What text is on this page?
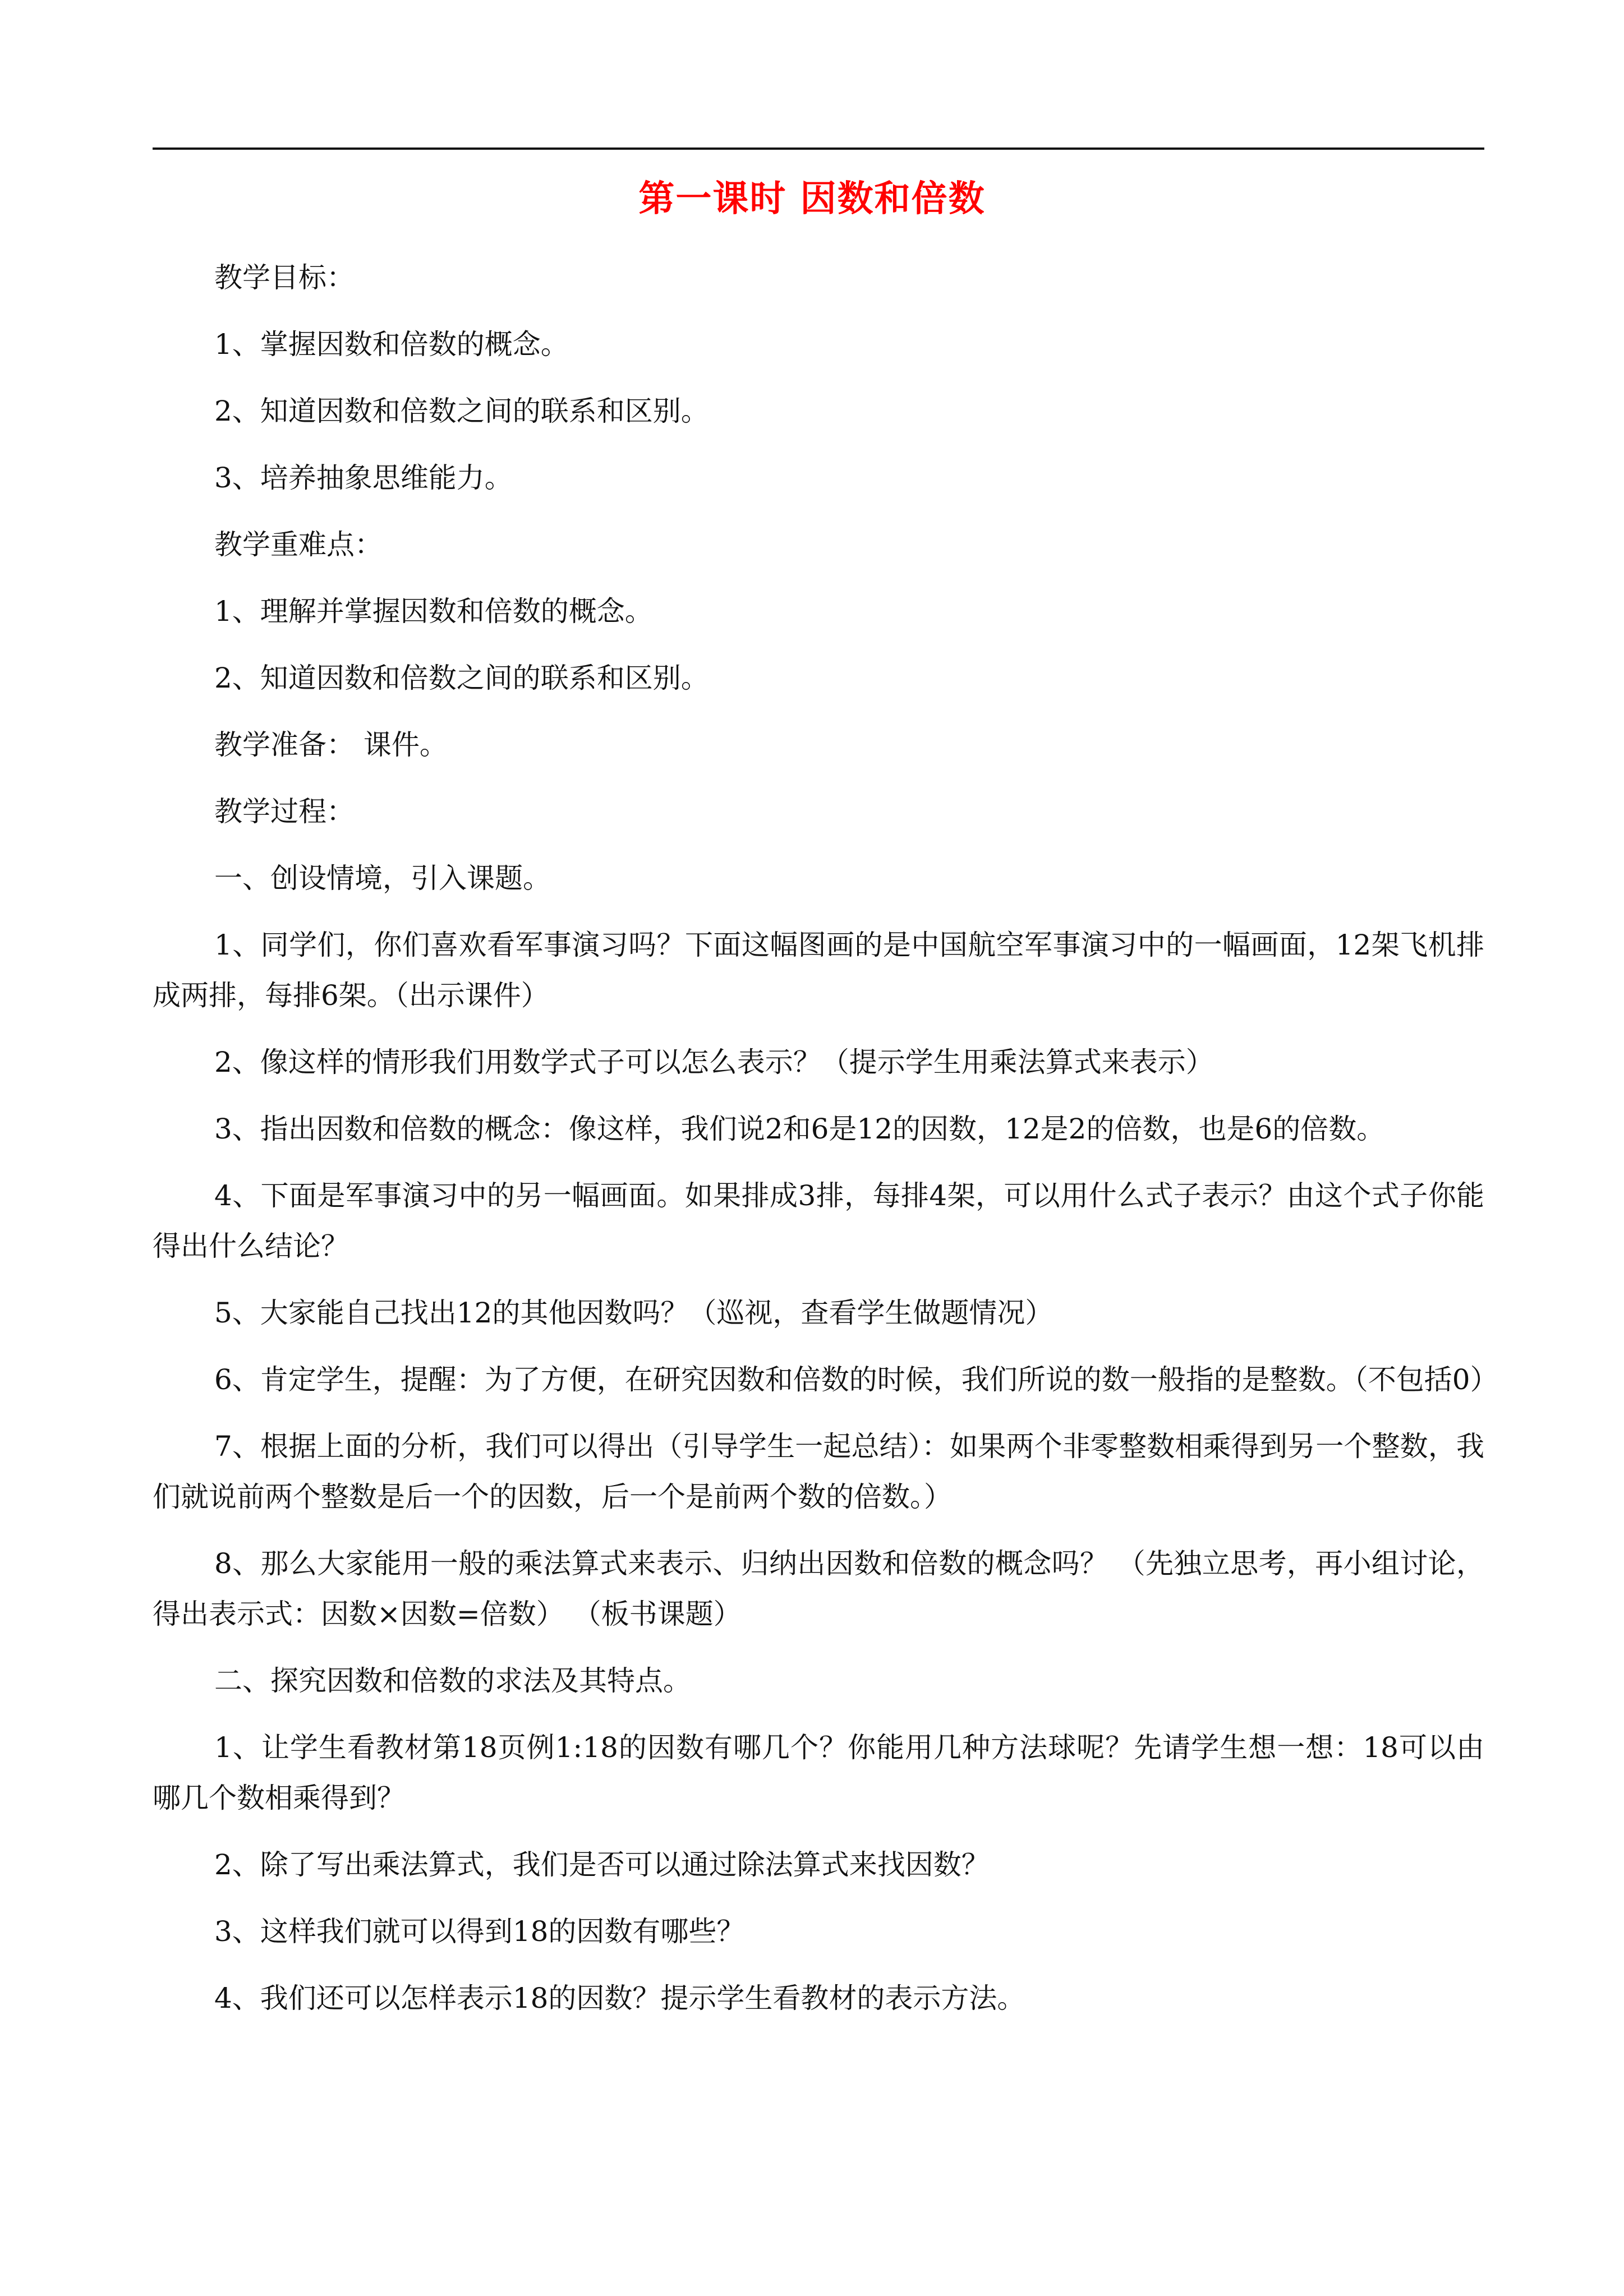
第一课时 因数和倍数

教学目标：

1、掌握因数和倍数的概念。

2、知道因数和倍数之间的联系和区别。

3、培养抽象思维能力。

教学重难点：

1、理解并掌握因数和倍数的概念。

2、知道因数和倍数之间的联系和区别。

教学准备： 课件。

教学过程：

一、创设情境，引入课题。

1、同学们，你们喜欢看军事演习吗？下面这幅图画的是中国航空军事演习中的一幅画面，12架飞机排成两排，每排6架。（出示课件）

2、像这样的情形我们用数学式子可以怎么表示？（提示学生用乘法算式来表示）

3、指出因数和倍数的概念：像这样，我们说2和6是12的因数，12是2的倍数，也是6的倍数。

4、下面是军事演习中的另一幅画面。如果排成3排，每排4架，可以用什么式子表示？由这个式子你能得出什么结论？

5、大家能自己找出12的其他因数吗？（巡视，查看学生做题情况）

6、肯定学生，提醒：为了方便，在研究因数和倍数的时候，我们所说的数一般指的是整数。（不包括0）

7、根据上面的分析，我们可以得出（引导学生一起总结）：如果两个非零整数相乘得到另一个整数，我们就说前两个整数是后一个的因数，后一个是前两个数的倍数。）

8、那么大家能用一般的乘法算式来表示、归纳出因数和倍数的概念吗？ （先独立思考，再小组讨论，得出表示式：因数×因数=倍数） （板书课题）

二、探究因数和倍数的求法及其特点。

1、让学生看教材第18页例1:18的因数有哪几个？你能用几种方法球呢？先请学生想一想：18可以由哪几个数相乘得到？

2、除了写出乘法算式，我们是否可以通过除法算式来找因数？

3、这样我们就可以得到18的因数有哪些？

4、我们还可以怎样表示18的因数？提示学生看教材的表示方法。
